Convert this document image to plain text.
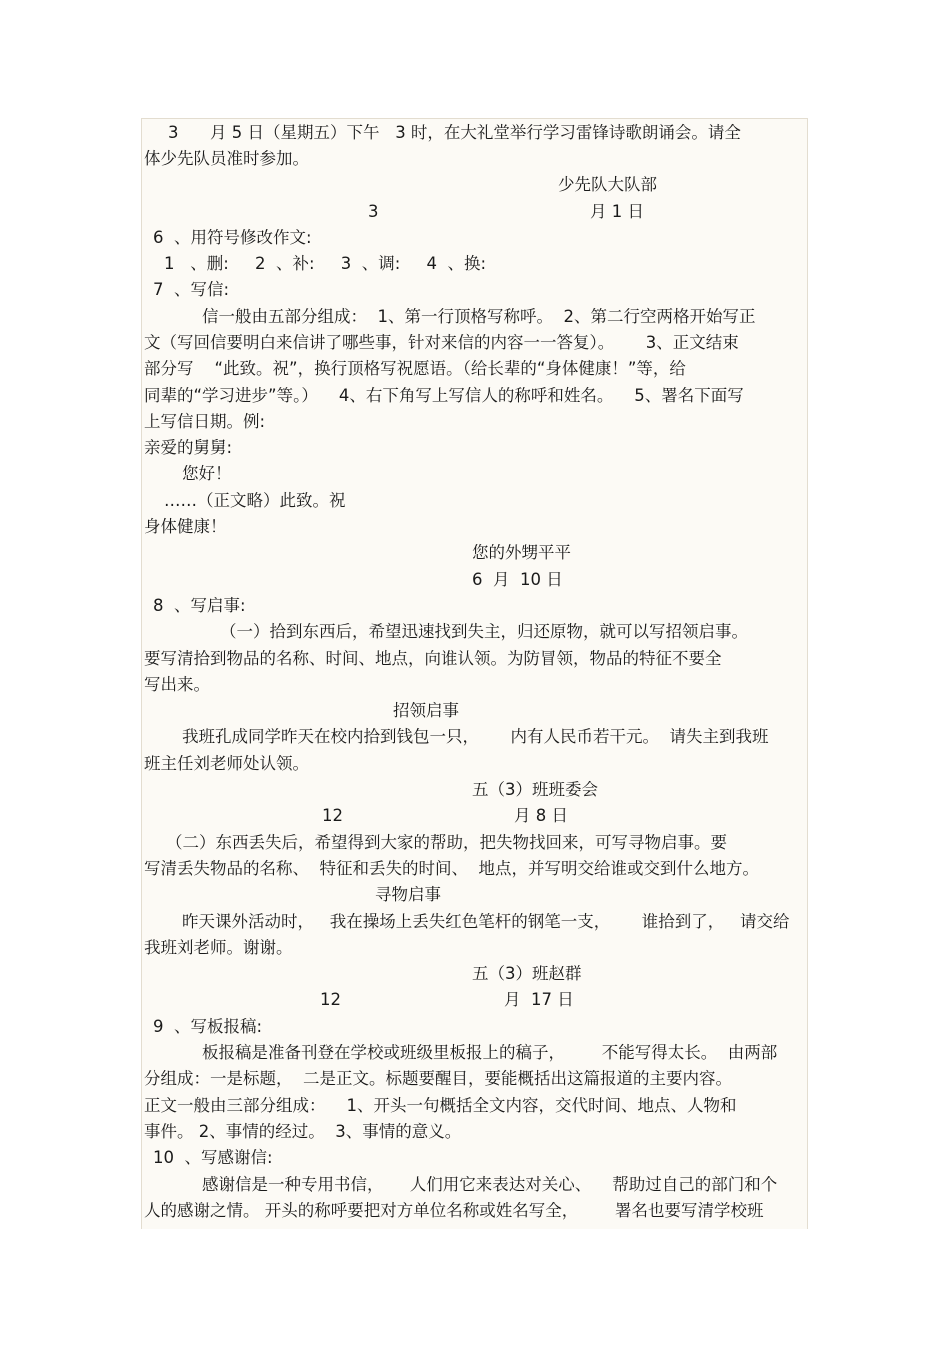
3      月 5 日（星期五）下午   3 时，在大礼堂举行学习雷锋诗歌朗诵会。请全
体少先队员准时参加。
少先队大队部
3	月 1 日
6  、用符号修改作文:
1   、删:     2  、补:     3  、调:     4  、换:
7  、写信:
信一般由五部分组成：  1、第一行顶格写称呼。  2、第二行空两格开始写正
文（写回信要明白来信讲了哪些事，针对来信的内容一一答复）。      3、正文结束
部分写    “此致。祝”，换行顶格写祝愿语。（给长辈的“身体健康！”等，给
同辈的“学习进步”等。）    4、右下角写上写信人的称呼和姓名。    5、署名下面写
上写信日期。例:
亲爱的舅舅:
您好！
……（正文略）此致。祝
身体健康！
您的外甥平平
6  月  10 日
8  、写启事:
（一）拾到东西后，希望迅速找到失主，归还原物，就可以写招领启事。
要写清拾到物品的名称、时间、地点，向谁认领。为防冒领，物品的特征不要全
写出来。
招领启事
我班孔成同学昨天在校内拾到钱包一只，      内有人民币若干元。  请失主到我班
班主任刘老师处认领。
五（3）班班委会
12	月 8 日
（二）东西丢失后，希望得到大家的帮助，把失物找回来，可写寻物启事。要
写清丢失物品的名称、  特征和丢失的时间、  地点，并写明交给谁或交到什么地方。
寻物启事
昨天课外活动时，   我在操场上丢失红色笔杆的钢笔一支，      谁拾到了，   请交给
我班刘老师。谢谢。
五（3）班赵群
12	月  17 日
9  、写板报稿:
板报稿是准备刊登在学校或班级里板报上的稿子，       不能写得太长。  由两部
分组成：一是标题，  二是正文。标题要醒目，要能概括出这篇报道的主要内容。
正文一般由三部分组成：    1、开头一句概括全文内容，交代时间、地点、人物和
事件。 2、事情的经过。  3、事情的意义。
10  、写感谢信:
感谢信是一种专用书信，     人们用它来表达对关心、    帮助过自己的部门和个
人的感谢之情。 开头的称呼要把对方单位名称或姓名写全，       署名也要写清学校班
